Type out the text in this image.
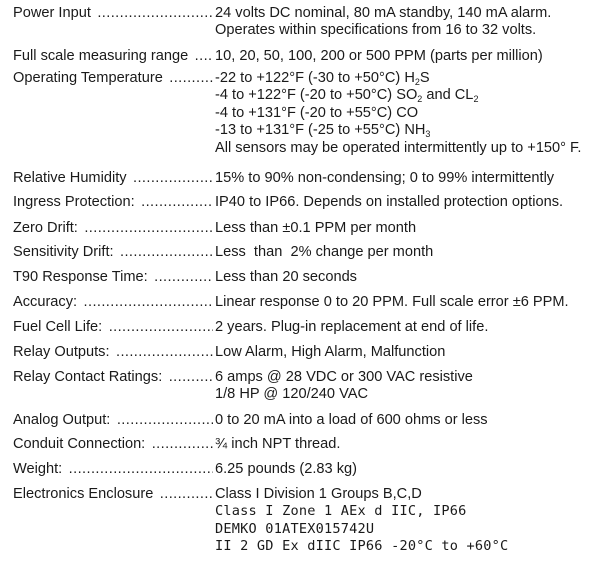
Power Input .....	24 volts DC nominal, 80 mA standby, 140 mA alarm.
Operates within specifications from 16 to 32 volts.
Full scale measuring range .....	10, 20, 50, 100, 200 or 500 PPM (parts per million)
Operating Temperature .....	-22 to +122°F (-30 to +50°C) $H_2S$
-4 to +122°F (-20 to +50°C) $SO_2$ and $CL_2$
-4 to +131°F (-20 to +55°C) CO
-13 to +131°F (-25 to +55°C) $NH_3$
All sensors may be operated intermittently up to +150° F.
Relative Humidity .....	15% to 90% non-condensing; 0 to 99% intermittently
Ingress Protection: .....	IP40 to IP66. Depends on installed protection options.
Zero Drift: .....	Less than ±0.1 PPM per month
Sensitivity Drift: .....	Less  than  2% change per month
T90 Response Time: .....	Less than 20 seconds
Accuracy: .....	Linear response 0 to 20 PPM. Full scale error ±6 PPM.
Fuel Cell Life: .....	2 years. Plug-in replacement at end of life.
Relay Outputs: .....	Low Alarm, High Alarm, Malfunction
Relay Contact Ratings: .....	6 amps @ 28 VDC or 300 VAC resistive
1/8 HP @ 120/240 VAC
Analog Output: .....	0 to 20 mA into a load of 600 ohms or less
Conduit Connection: .....	¾ inch NPT thread.
Weight: .....	6.25 pounds (2.83 kg)
Electronics Enclosure .....	Class I Division 1 Groups B,C,D
Class I Zone 1 AEx d IIC, IP66
DEMKO 01ATEX015742U
II 2 GD Ex dIIC IP66 -20°C to +60°C
